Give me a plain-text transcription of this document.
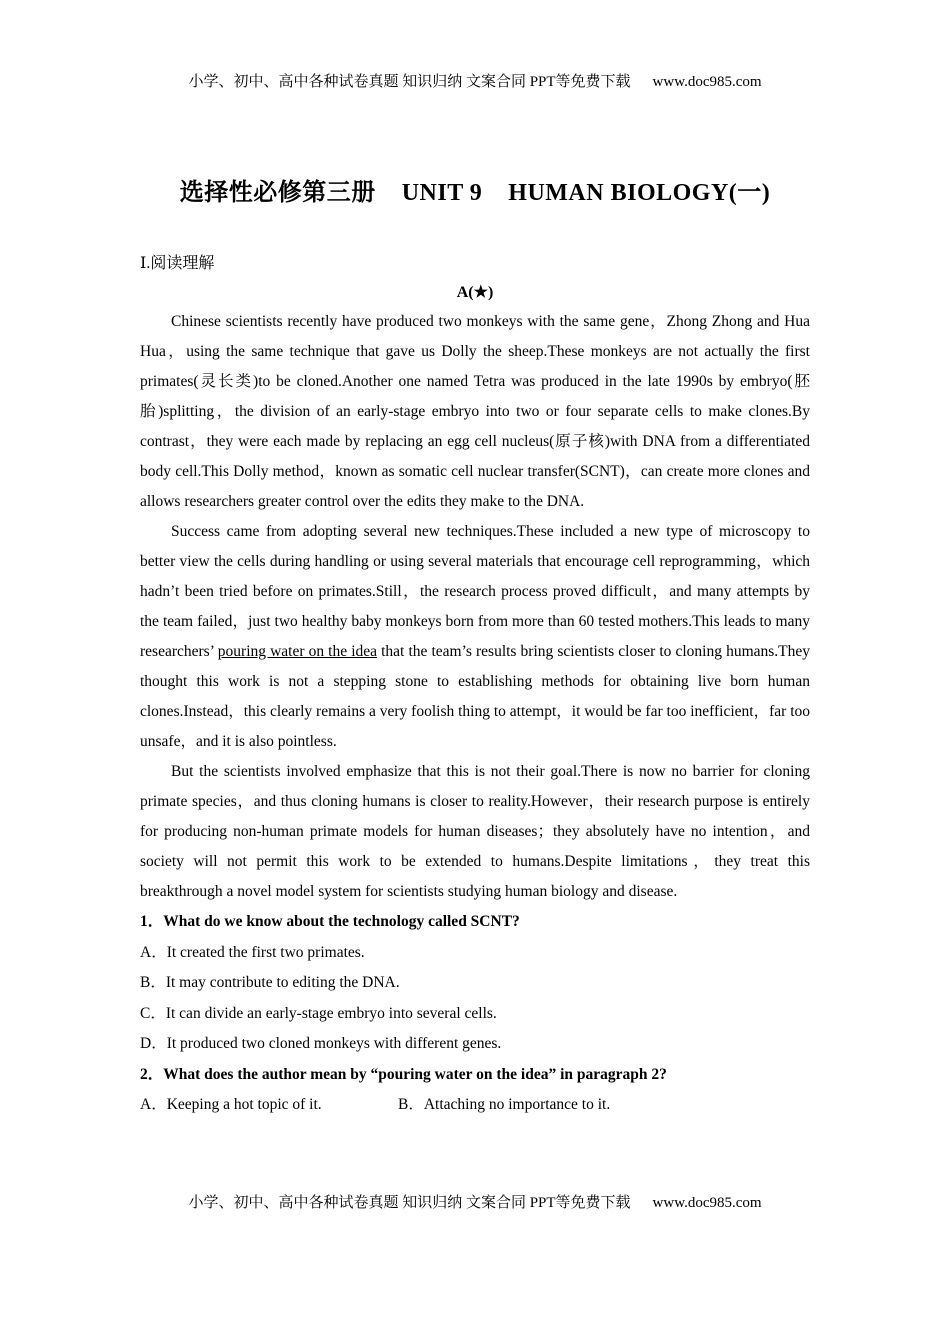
小学、初中、高中各种试卷真题 知识归纳 文案合同 PPT等免费下载 www.doc985.com
选择性必修第三册 UNIT 9 HUMAN BIOLOGY(一)
Ⅰ.阅读理解
A(★)

Chinese scientists recently have produced two monkeys with the same gene，Zhong Zhong and Hua Hua，using the same technique that gave us Dolly the sheep.These monkeys are not actually the first primates(灵长类)to be cloned.Another one named Tetra was produced in the late 1990s by embryo(胚胎)splitting，the division of an early-stage embryo into two or four separate cells to make clones.By contrast，they were each made by replacing an egg cell nucleus(原子核)with DNA from a differentiated body cell.This Dolly method，known as somatic cell nuclear transfer(SCNT)，can create more clones and allows researchers greater control over the edits they make to the DNA.

Success came from adopting several new techniques.These included a new type of microscopy to better view the cells during handling or using several materials that encourage cell reprogramming，which hadn’t been tried before on primates.Still，the research process proved difficult，and many attempts by the team failed，just two healthy baby monkeys born from more than 60 tested mothers.This leads to many researchers’ pouring water on the idea that the team’s results bring scientists closer to cloning humans.They thought this work is not a stepping stone to establishing methods for obtaining live born human clones.Instead，this clearly remains a very foolish thing to attempt，it would be far too inefficient，far too unsafe，and it is also pointless.

But the scientists involved emphasize that this is not their goal.There is now no barrier for cloning primate species，and thus cloning humans is closer to reality.However，their research purpose is entirely for producing non-human primate models for human diseases；they absolutely have no intention，and society will not permit this work to be extended to humans.Despite limitations，they treat this breakthrough a novel model system for scientists studying human biology and disease.

1．What do we know about the technology called SCNT?

A．It created the first two primates.

B．It may contribute to editing the DNA.

C．It can divide an early-stage embryo into several cells.

D．It produced two cloned monkeys with different genes.

2．What does the author mean by “pouring water on the idea” in paragraph 2?

A．Keeping a hot topic of it.	B．Attaching no importance to it.

小学、初中、高中各种试卷真题 知识归纳 文案合同 PPT等免费下载 www.doc985.com
